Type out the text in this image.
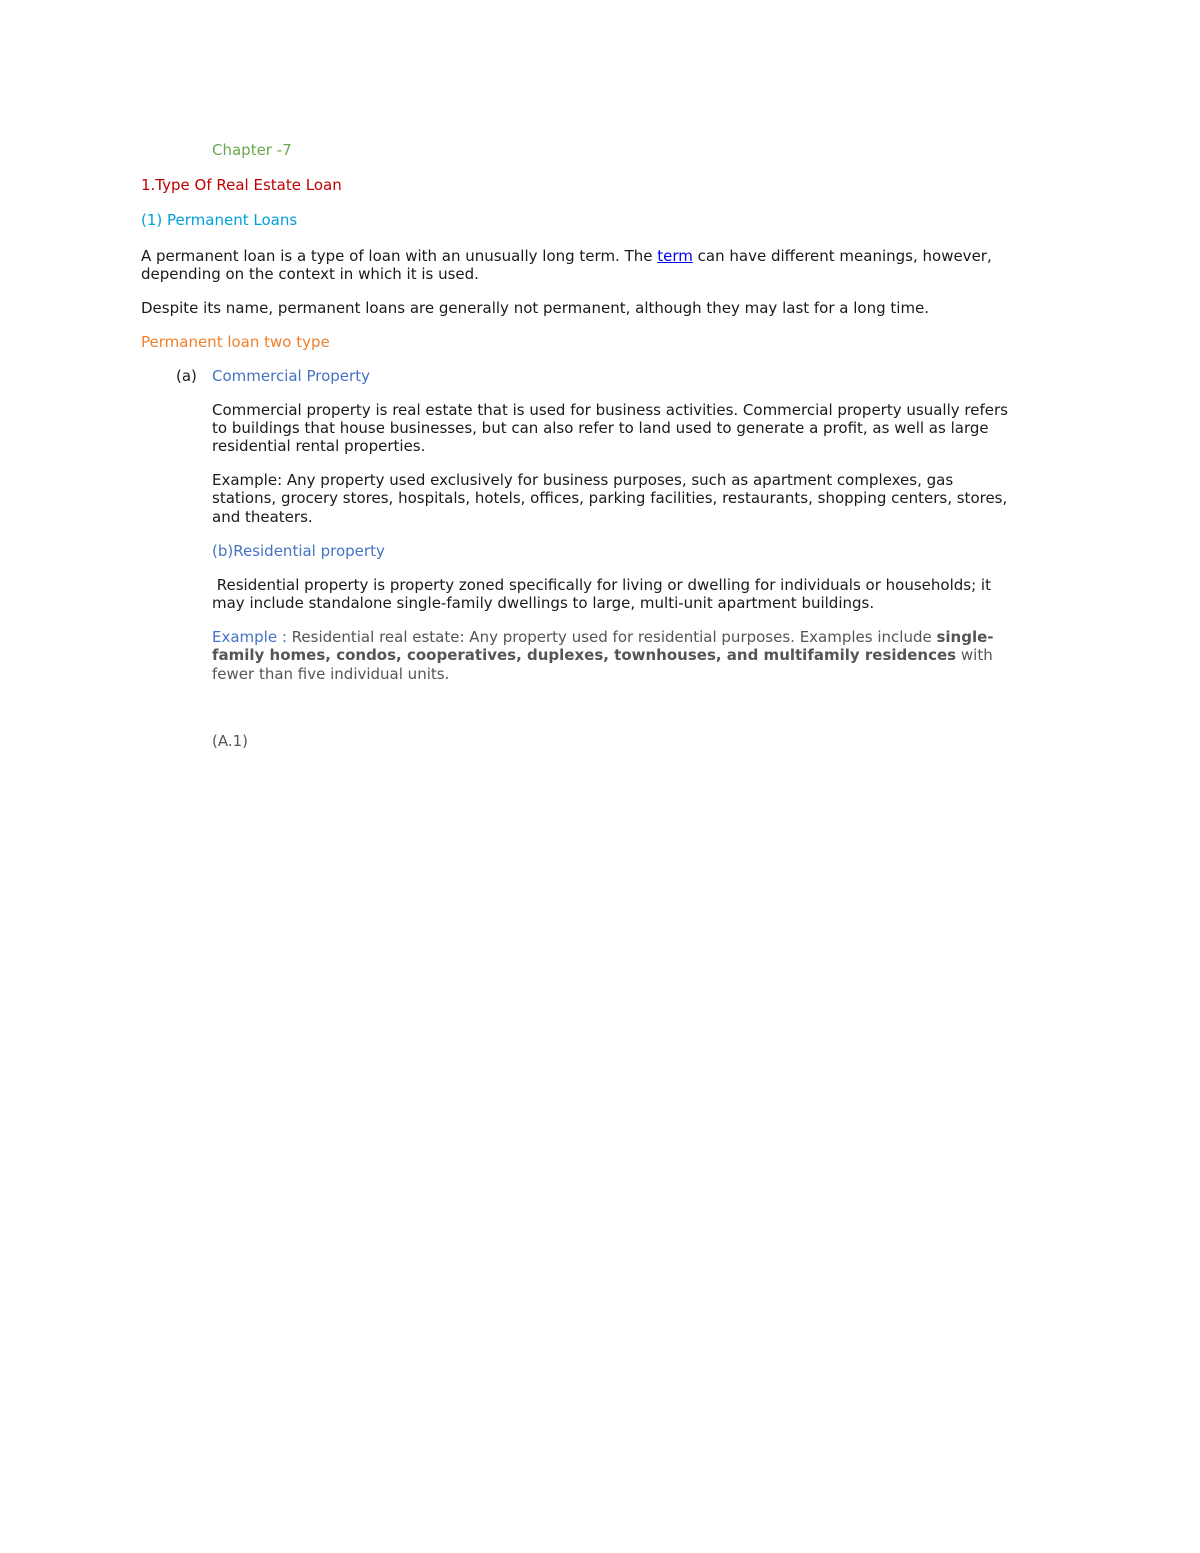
Chapter -7
1.Type Of Real Estate Loan
(1) Permanent Loans
A permanent loan is a type of loan with an unusually long term. The term can have different meanings, however,
depending on the context in which it is used.
Despite its name, permanent loans are generally not permanent, although they may last for a long time.
Permanent loan two type
(a) Commercial Property
Commercial property is real estate that is used for business activities. Commercial property usually refers
to buildings that house businesses, but can also refer to land used to generate a profit, as well as large
residential rental properties.
Example: Any property used exclusively for business purposes, such as apartment complexes, gas
stations, grocery stores, hospitals, hotels, offices, parking facilities, restaurants, shopping centers, stores,
and theaters.
(b)Residential property
Residential property is property zoned specifically for living or dwelling for individuals or households; it
may include standalone single-family dwellings to large, multi-unit apartment buildings.
Example : Residential real estate: Any property used for residential purposes. Examples include single-
family homes, condos, cooperatives, duplexes, townhouses, and multifamily residences with
fewer than five individual units.
(A.1)
